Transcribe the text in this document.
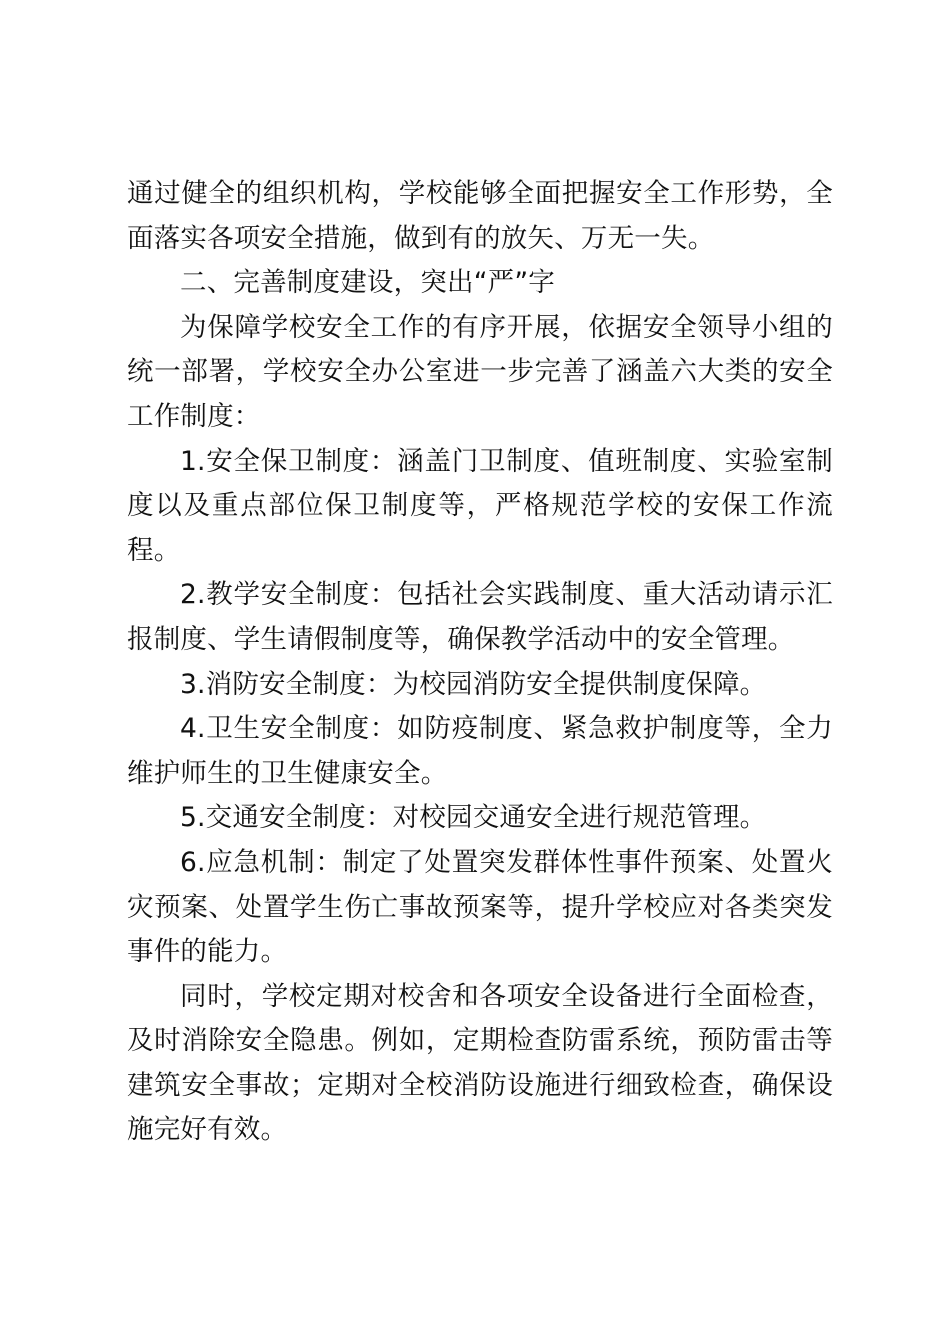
通过健全的组织机构，学校能够全面把握安全工作形势，全面落实各项安全措施，做到有的放矢、万无一失。

二、完善制度建设，突出“严”字

为保障学校安全工作的有序开展，依据安全领导小组的统一部署，学校安全办公室进一步完善了涵盖六大类的安全工作制度：

1.安全保卫制度：涵盖门卫制度、值班制度、实验室制度以及重点部位保卫制度等，严格规范学校的安保工作流程。

2.教学安全制度：包括社会实践制度、重大活动请示汇报制度、学生请假制度等，确保教学活动中的安全管理。

3.消防安全制度：为校园消防安全提供制度保障。

4.卫生安全制度：如防疫制度、紧急救护制度等，全力维护师生的卫生健康安全。

5.交通安全制度：对校园交通安全进行规范管理。

6.应急机制：制定了处置突发群体性事件预案、处置火灾预案、处置学生伤亡事故预案等，提升学校应对各类突发事件的能力。

同时，学校定期对校舍和各项安全设备进行全面检查，及时消除安全隐患。例如，定期检查防雷系统，预防雷击等建筑安全事故；定期对全校消防设施进行细致检查，确保设施完好有效。
